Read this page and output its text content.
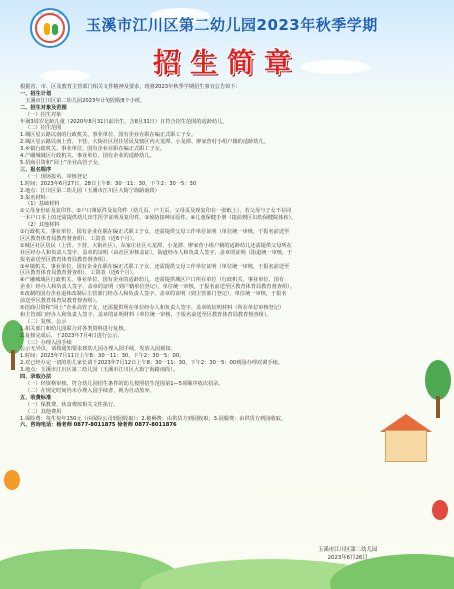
玉溪市江川区第二幼儿园
玉溪市江川区第二幼儿园2023年秋季学期
招生简章

根据省、市、区及教育主管部门相关文件精神及要求，现将2023年秋季学期招生事宜公告如下：

一、招生计划

玉溪市江川区第二幼儿园2023年计划招收8个小班。

二、招生对象及范围

（一）招生对象

年满3周岁足龄儿童（2020年8月31日前出生，含8月31日）且符合招生范围的适龄幼儿。

（二）招生范围

1.城区星云路以南的行政机关、事业单位、国有企业在职在编正式职工子女。

2.城区星云路以南上营、下营、大街社区居住居民及辖区内大龙潭、小龙潭、廖家营村小组户籍的适龄幼儿。

3.乡镇行政机关、事业单位、国有企业在职在编正式职工子女。

4.产融城域区行政机关、事业单位、国有企业的适龄幼儿。

5.招商引资和“回上”企业高管子女。

三、报名程序

（一）现场报名、审核登记

1.时间：2023年6月27日、28日上午8：30一11：30，下午2：30一5：30

2.地点：江川区第二幼儿园（玉溪市江川区大街宁海路南段）

3.报名材料：

（1）基础材料

①父母身份证及复印件。②户口簿原件及复印件（幼儿页、户主页、父母页及现复印在一张纸上），若父母与子女不在同

一本户口本上的还需提供幼儿出生医学证明及复印件。③预防接种证原件。④儿童保健手册（提前到区妇幼保健院体检）。

（2）其他材料

①行政机关、事业单位、国有企业在职在编正式职工子女，还需提供父母工作单位证明（单位统一审核，于报名前送至

区区教育体育局教育督查组）、工资表（近6个月）。

②城区社区居民（上营、下营、大街社区）、东家庄社区大龙潭、小龙潭、廖家营小组户籍的适龄幼儿还需提供父母所在

社区经办人和负责人签字、盖章的证明（由社区审核盖证），街道经办人和负责人签字、盖章的证明（街道统一审核，于

报名前送至区教育体育局教育督查组）。

③乡镇机关、事业单位、国有企业在职在编正式职工子女，还需提供父母工作单位证明（单位统一审核，于报名前送至

区区教育体育局教育督查组）、工资表（近6个月）。

④产融城域区行政机关、事业单位、国有企业的适龄幼儿，还需提供城区户口所在单位（行政机关、事业单位、国有

企业）经办人和负责人签字、盖章的证明（到户籍单位登记），单位统一审核，于报名前送至区教育体育局教育督查组）。

⑤改制的国有企业退休改制后主管部门经办人和负责人签字、盖章的证明（到主管部门登记），单位统一审核，于报名

前送至区教育体育局教育督查组）。

⑤招商引资和“回上”企业高管子女，还需提供所在单位经办人和负责人签字、盖章的证明材料（所在单位审核登记）

和主管部门经办人和负责人签字、盖章的证明材料（单位统一审核，于报名前送至区教育体育局教育督查组）。

（二）复核、公示

1.相关部门和幼儿园联合对各类资料进行复核。

2.复核完成后，于2023年7月4日进行公示。

（三）办理入园手续

公示无异议，请按通知要求到幼儿园办理入园手续，发放入园须知。

1.时间：2023年7月11日上午8：30一11：30，下午2：30一5：00。

2.对已经办完一切的幼儿家长请于2023年7月12日上午8：30一11：30，下午2：30一5：00到园办理对调手续。

3.地点：玉溪市江川区第二幼儿园（玉溪市江川区大街宁海路南段）。

四、录取办法

（一）经资格审核，符合幼儿园招生条件的幼儿按照招生范围第1—5项顺序依次招录。

（二）在规定时间内未办理入园手续者，视为自动放弃。

五、收费标准

（一）保教费、伙食费按相关文件执行。

（二）其他费用

1.保险费：每生每年150元（由保险公司到园收取）；2.被褥费：由供货方到园收取；3.园服费：由供货方到园收取。

六、咨询电话：杨老师 0877-8011875 徐老师 0877-8011876

玉溪市江川区第二幼儿园
2023年6月26日
